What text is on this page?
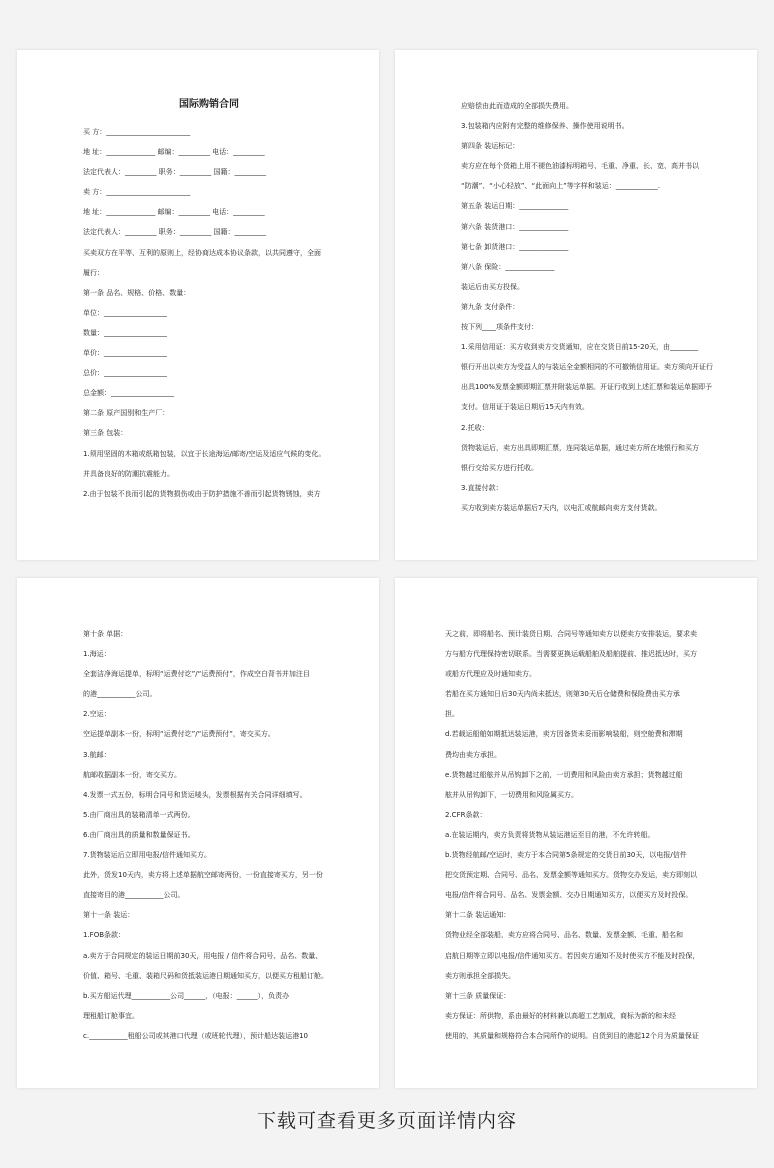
国际购销合同

买 方：________________________

地 址：______________ 邮编：_________ 电话：_________

法定代表人：_________ 职务：_________ 国籍：_________

卖 方：________________________

地 址：______________ 邮编：_________ 电话：_________

法定代表人：_________ 职务：_________ 国籍：_________

买卖双方在平等、互利的原则上，经协商达成本协议条款，以共同遵守，全面

履行：

第一条 品名、规格、价格、数量：

单位：__________________

数量：__________________

单价：__________________

总价：__________________

总金额：__________________

第二条 原产国别和生产厂：

第三条 包装：

1.须用坚固的木箱或纸箱包装，以宜于长途海运/邮寄/空运及适应气候的变化。

并具备良好的防潮抗震能力。

2.由于包装不良而引起的货物损伤或由于防护措施不善而引起货物锈蚀，卖方

应赔偿由此而造成的全部损失费用。

3.包装箱内应附有完整的维修保养、操作使用说明书。

第四条 装运标记：

卖方应在每个货箱上用不褪色油漆标明箱号、毛重、净重、长、宽、高并书以

“防潮”、“小心轻放”、“此面向上”等字样和装运：____________.

第五条 装运日期：______________

第六条 装货港口：______________

第七条 卸货港口：______________

第八条 保险：______________

装运后由买方投保。

第九条 支付条件：

按下列____项条件支付：

1.采用信用证：买方收到卖方交货通知，应在交货日前15-20天，由________

银行开出以卖方为受益人的与装运全金额相同的不可撤销信用证。卖方须向开证行

出具100%发票金额即期汇票并附装运单据。开证行收到上述汇票和装运单据即予

支付。信用证于装运日期后15天内有效。

2.托收：

货物装运后，卖方出具即期汇票，连同装运单据，通过卖方所在地银行和买方

银行交给买方进行托收。

3.直接付款：

买方收到卖方装运单据后7天内，以电汇或航邮向卖方支付货款。

第十条 单据：

1.海运：

全套洁净海运提单，标明“运费付讫”/“运费预付”，作成空白背书并加注目

的港___________公司。

2.空运：

空运提单副本一份，标明“运费付讫”/“运费预付”，寄交买方。

3.航邮：

航邮收据副本一份，寄交买方。

4.发票一式五份，标明合同号和货运唛头，发票根据有关合同详细填写。

5.由厂商出具的装箱清单一式两份。

6.由厂商出具的质量和数量保证书。

7.货物装运后立即用电报/信件通知买方。

此外，货发10天内，卖方将上述单据航空邮寄两份，一份直接寄买方，另一份

直接寄目的港___________公司。

第十一条 装运：

1.FOB条款：

a.卖方于合同规定的装运日期前30天，用电报 / 信件将合同号、品名、数量、

价值、箱号、毛重、装箱尺码和货抵装运港日期通知买方，以便买方租船订舱。

b.买方船运代理___________公司______，（电报：______），负责办

理租船订舱事宜。

c.___________租船公司或其港口代理（或班轮代理），预计船达装运港10

天之前，即将船名、预计装货日期、合同号等通知卖方以便卖方安排装运，要求卖

方与船方代理保持密切联系。当需要更换运载船舶及船舶提前、推迟抵达时，买方

或船方代理应及时通知卖方。

若船在买方通知日后30天内尚未抵达，则第30天后仓储费和保险费由买方承

担。

d.若载运船舶如期抵达装运港，卖方因备货未妥而影响装船，则空舱费和滞期

费均由卖方承担。

e.货物越过船舷并从吊钩卸下之前，一切费用和风险由卖方承担；货物越过船

舷并从吊钩卸下，一切费用和风险属买方。

2.CFR条款：

a.在装运期内，卖方负责将货物从装运港运至目的港，不允许转船。

b.货物经航邮/空运时，卖方于本合同第5条规定的交货日前30天，以电报/信件

把交货预定期、合同号、品名、发票金额等通知买方。货物交办发运，卖方即刻以

电报/信件将合同号、品名、发票金额、交办日期通知买方，以便买方及时投保。

第十二条 装运通知：

货物业经全部装船，卖方应将合同号、品名、数量、发票金额、毛重、船名和

启航日期等立即以电报/信件通知买方。若因卖方通知不及时使买方不能及时投保，

卖方则承担全部损失。

第十三条 质量保证：

卖方保证：所供物，系由最好的材料兼以高超工艺制成，商标为新的和未经

使用的，其质量和规格符合本合同所作的说明。自货到目的港起12个月为质量保证

下载可查看更多页面详情内容
